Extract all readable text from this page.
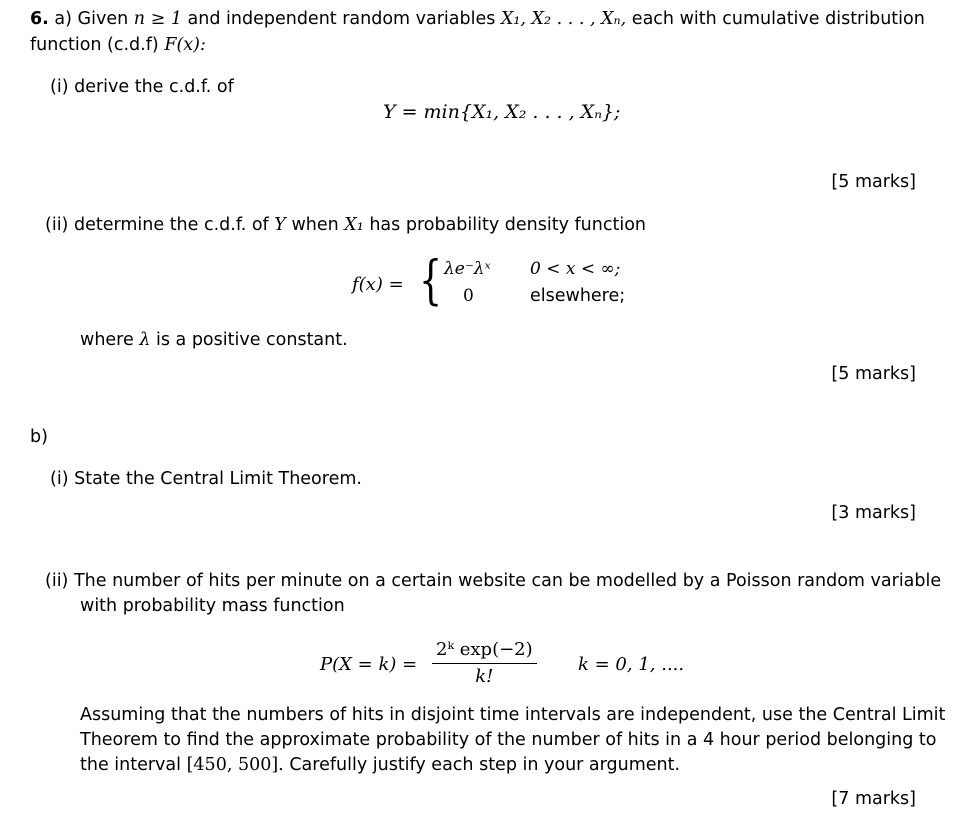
6. a) Given n ≥ 1 and independent random variables X₁, X₂ . . . , Xₙ, each with cumulative distribution
function (c.d.f) F(x):
(i) derive the c.d.f. of
Y = min{X₁, X₂ . . . , Xₙ};
[5 marks]
(ii) determine the c.d.f. of Y when X₁ has probability density function
f(x) = { λe⁻λˣ 0 < x < ∞;
0	elsewhere;
where λ is a positive constant.
[5 marks]
b)
(i) State the Central Limit Theorem.
[3 marks]
(ii) The number of hits per minute on a certain website can be modelled by a Poisson random variable
with probability mass function
$P(X = k) = \frac{\text{2ᵏ exp(−2)}}{k!}$ k = 0, 1, ....
Assuming that the numbers of hits in disjoint time intervals are independent, use the Central Limit
Theorem to find the approximate probability of the number of hits in a 4 hour period belonging to
the interval [450, 500]. Carefully justify each step in your argument.
[7 marks]
